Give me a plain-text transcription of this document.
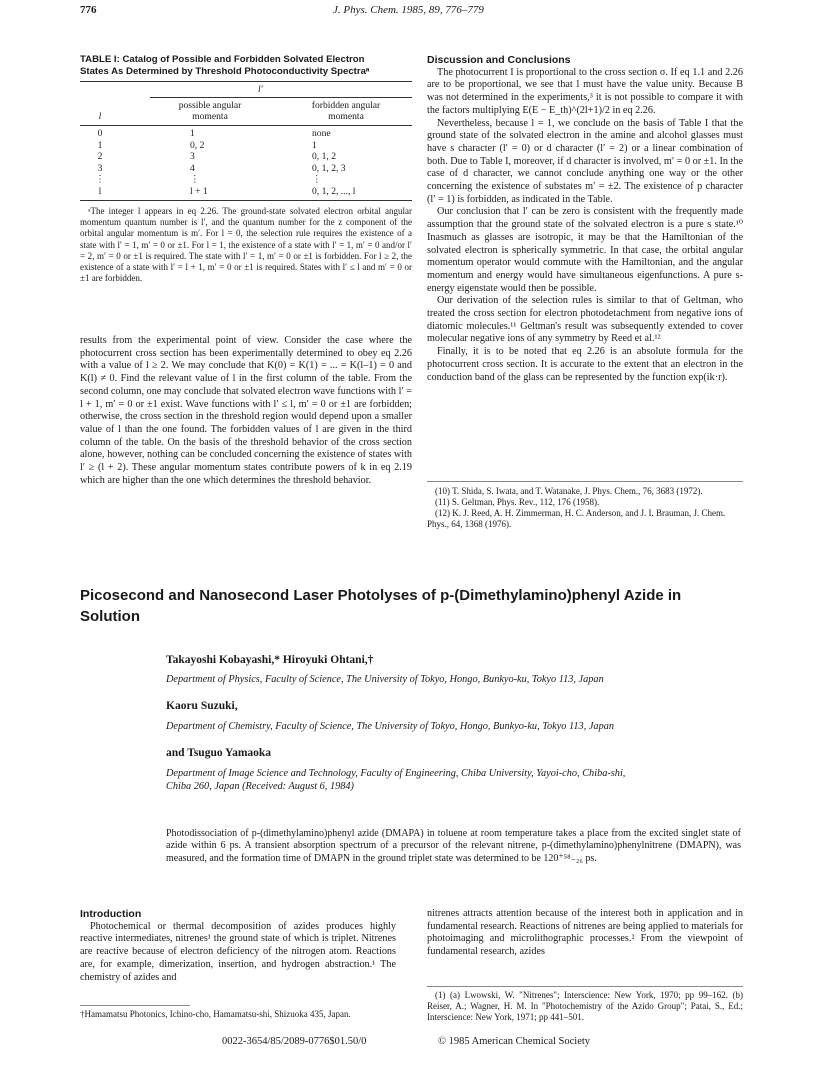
776	J. Phys. Chem. 1985, 89, 776–779
TABLE I: Catalog of Possible and Forbidden Solvated Electron
States As Determined by Threshold Photoconductivity Spectraᵃ
l′
possible angular
momenta
forbidden angular
momenta
l
0	1	none
1	0, 2	1
2	3	0, 1, 2
3	4	0, 1, 2, 3
⋮	⋮	⋮
l	l + 1	0, 1, 2, ..., l

ᵃThe integer l appears in eq 2.26. The ground-state solvated electron orbital angular momentum quantum number is l′, and the quantum number for the z component of the orbital angular momentum is m′. For l = 0, the selection rule requires the existence of a state with l′ = 1, m′ = 0 or ±1. For l = 1, the existence of a state with l′ = 1, m′ = 0 and/or l′ = 2, m′ = 0 or ±1 is required. The state with l′ = 1, m′ = 0 or ±1 is forbidden. For l ≥ 2, the existence of a state with l′ = l + 1, m′ = 0 or ±1 is required. States with l′ ≤ l and m′ = 0 or ±1 are forbidden.

results from the experimental point of view. Consider the case where the photocurrent cross section has been experimentally determined to obey eq 2.26 with a value of l ≥ 2. We may conclude that K(0) = K(1) = ... = K(l–1) = 0 and K(l) ≠ 0. Find the relevant value of l in the first column of the table. From the second column, one may conclude that solvated electron wave functions with l′ = l + 1, m′ = 0 or ±1 exist. Wave functions with l′ ≤ l, m′ = 0 or ±1 are forbidden; otherwise, the cross section in the threshold region would depend upon a smaller value of l than the one found. The forbidden values of l are given in the third column of the table. On the basis of the threshold behavior of the cross section alone, however, nothing can be concluded concerning the existence of states with l′ ≥ (l + 2). These angular momentum states contribute powers of k in eq 2.19 which are higher than the one which determines the threshold behavior.

Discussion and Conclusions

The photocurrent I is proportional to the cross section σ. If eq 1.1 and 2.26 are to be proportional, we see that l must have the value unity. Because B was not determined in the experiments,³ it is not possible to compare it with the factors multiplying E(E − E_th)^(2l+1)/2 in eq 2.26.

Nevertheless, because l = 1, we conclude on the basis of Table I that the ground state of the solvated electron in the amine and alcohol glasses must have s character (l′ = 0) or d character (l′ = 2) or a linear combination of both. Due to Table I, moreover, if d character is involved, m′ = 0 or ±1. In the case of d character, we cannot conclude anything one way or the other concerning the existence of substates m′ = ±2. The existence of p character (l′ = 1) is forbidden, as indicated in the Table.

Our conclusion that l′ can be zero is consistent with the frequently made assumption that the ground state of the solvated electron is a pure s state.¹⁰ Inasmuch as glasses are isotropic, it may be that the Hamiltonian of the solvated electron is spherically symmetric. In that case, the orbital angular momentum operator would commute with the Hamiltonian, and the angular momentum and energy would have simultaneous eigenfunctions. A pure s-energy eigenstate would then be possible.

Our derivation of the selection rules is similar to that of Geltman, who treated the cross section for electron photodetachment from negative ions of diatomic molecules.¹¹ Geltman's result was subsequently extended to cover molecular negative ions of any symmetry by Reed et al.¹²

Finally, it is to be noted that eq 2.26 is an absolute formula for the photocurrent cross section. It is accurate to the extent that an electron in the conduction band of the glass can be represented by the function exp(ik·r).

(10) T. Shida, S. Iwata, and T. Watanake, J. Phys. Chem., 76, 3683 (1972).

(11) S. Geltman, Phys. Rev., 112, 176 (1958).

(12) K. J. Reed, A. H. Zimmerman, H. C. Anderson, and J. I. Brauman, J. Chem. Phys., 64, 1368 (1976).

Picosecond and Nanosecond Laser Photolyses of p-(Dimethylamino)phenyl Azide in
Solution
Takayoshi Kobayashi,* Hiroyuki Ohtani,†
Department of Physics, Faculty of Science, The University of Tokyo, Hongo, Bunkyo-ku, Tokyo 113, Japan
Kaoru Suzuki,
Department of Chemistry, Faculty of Science, The University of Tokyo, Hongo, Bunkyo-ku, Tokyo 113, Japan
and Tsuguo Yamaoka
Department of Image Science and Technology, Faculty of Engineering, Chiba University, Yayoi-cho, Chiba-shi,
Chiba 260, Japan (Received: August 6, 1984)
Photodissociation of p-(dimethylamino)phenyl azide (DMAPA) in toluene at room temperature takes a place from the excited singlet state of azide within 6 ps. A transient absorption spectrum of a precursor of the relevant nitrene, p-(dimethylamino)phenylnitrene (DMAPN), was measured, and the formation time of DMAPN in the ground triplet state was determined to be 120⁺⁵⁸₋₂₆ ps.
Introduction

Photochemical or thermal decomposition of azides produces highly reactive intermediates, nitrenes¹ the ground state of which is triplet. Nitrenes are reactive because of electron deficiency of the nitrogen atom. Reactions are, for example, dimerization, insertion, and hydrogen abstraction.¹ The chemistry of azides and

nitrenes attracts attention because of the interest both in application and in fundamental research. Reactions of nitrenes are being applied to materials for photoimaging and microlithographic processes.² From the viewpoint of fundamental research, azides

†Hamamatsu Photonics, Ichino-cho, Hamamatsu-shi, Shizuoka 435, Japan.

(1) (a) Lwowski, W. "Nitrenes"; Interscience: New York, 1970; pp 99–162. (b) Reiser, A.; Wagner, H. M. In "Photochemistry of the Azido Group"; Patai, S., Ed.; Interscience: New York, 1971; pp 441–501.

0022-3654/85/2089-0776$01.50/0	© 1985 American Chemical Society
